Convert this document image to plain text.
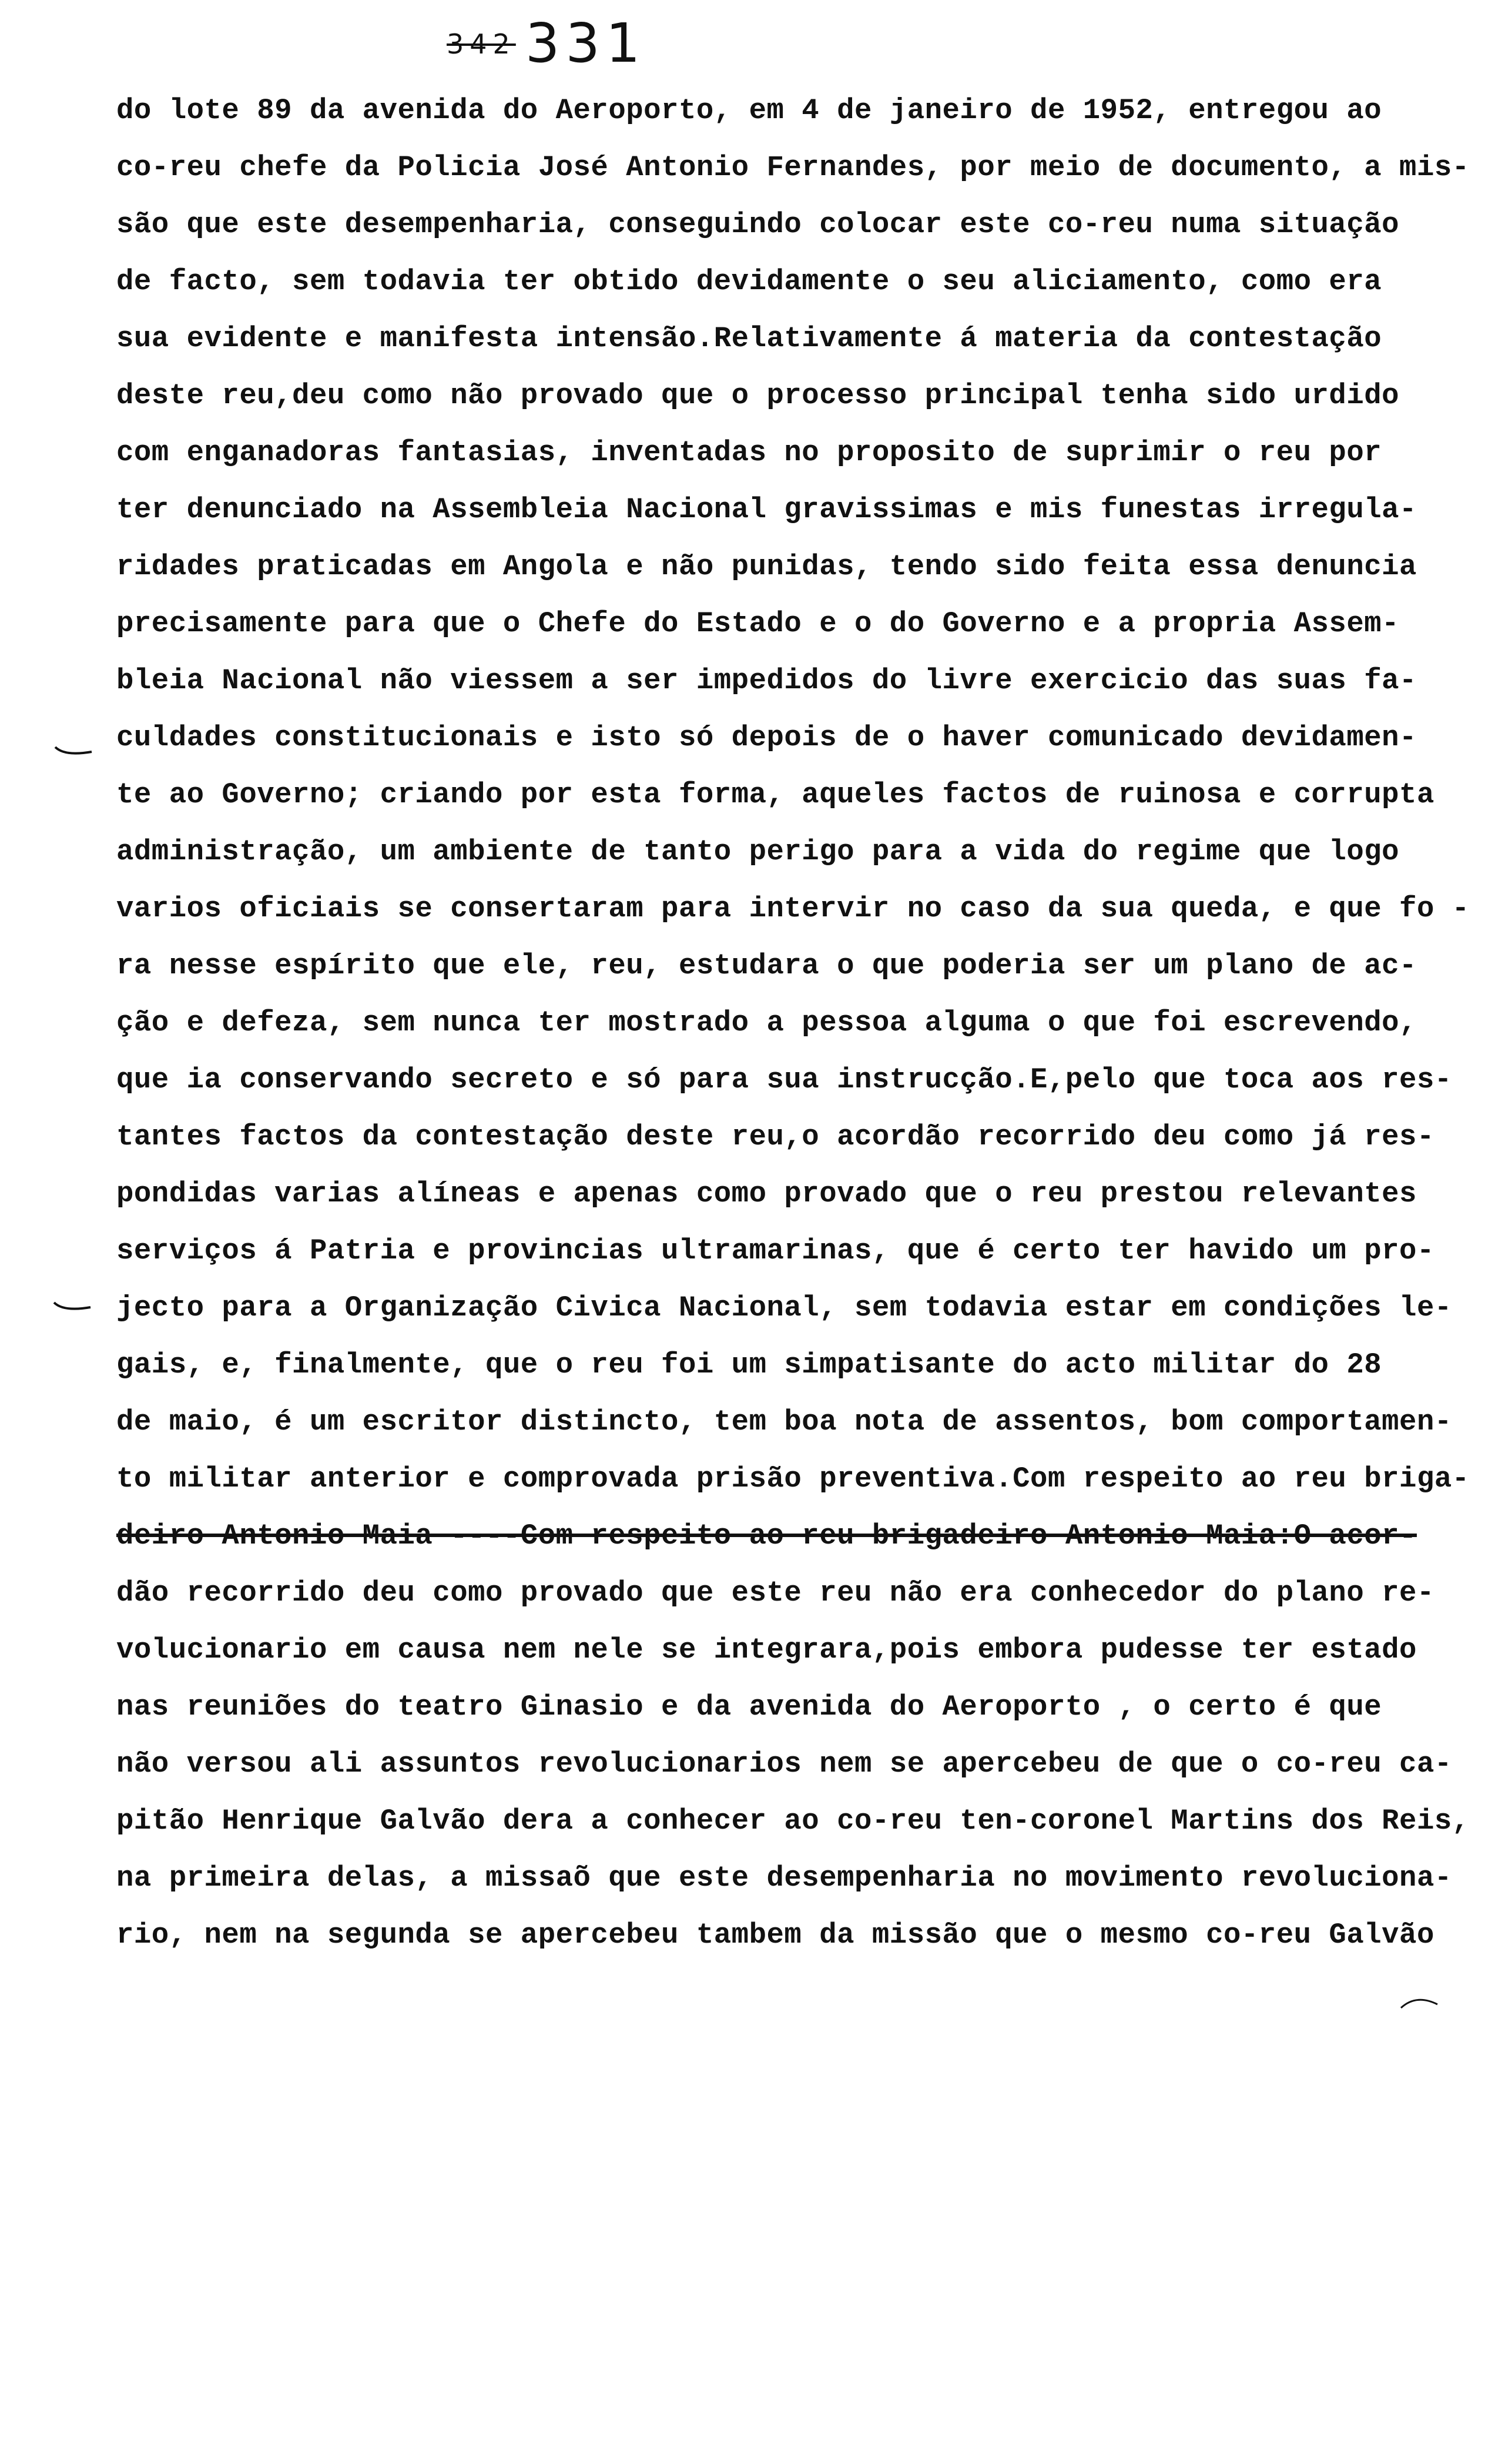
342 331
do lote 89 da avenida do Aeroporto, em 4 de janeiro de 1952, entregou ao
co-reu chefe da Policia José Antonio Fernandes, por meio de documento, a mis-
são que este desempenharia, conseguindo colocar este co-reu numa situação
de facto, sem todavia ter obtido devidamente o seu aliciamento, como era
sua evidente e manifesta intensão.Relativamente á materia da contestação
deste reu,deu como não provado que o processo principal tenha sido urdido
com enganadoras fantasias, inventadas no proposito de suprimir o reu por
ter denunciado na Assembleia Nacional gravissimas e mis funestas irregula-
ridades praticadas em Angola e não punidas, tendo sido feita essa denuncia
precisamente para que o Chefe do Estado e o do Governo e a propria Assem-
bleia Nacional não viessem a ser impedidos do livre exercicio das suas fa-
culdades constitucionais e isto só depois de o haver comunicado devidamen-
te ao Governo; criando por esta forma, aqueles factos de ruinosa e corrupta
administração, um ambiente de tanto perigo para a vida do regime que logo
varios oficiais se consertaram para intervir no caso da sua queda, e que fo -
ra nesse espírito que ele, reu, estudara o que poderia ser um plano de ac-
ção e defeza, sem nunca ter mostrado a pessoa alguma o que foi escrevendo,
que ia conservando secreto e só para sua instrucção.E,pelo que toca aos res-
tantes factos da contestação deste reu,o acordão recorrido deu como já res-
pondidas varias alíneas e apenas como provado que o reu prestou relevantes
serviços á Patria e provincias ultramarinas, que é certo ter havido um pro-
jecto para a Organização Civica Nacional, sem todavia estar em condições le-
gais, e, finalmente, que o reu foi um simpatisante do acto militar do 28
de maio, é um escritor distincto, tem boa nota de assentos, bom comportamen-
to militar anterior e comprovada prisão preventiva.Com respeito ao reu briga-
deiro Antonio Maia ----Com respeito ao reu brigadeiro Antonio Maia:O acor-
dão recorrido deu como provado que este reu não era conhecedor do plano re-
volucionario em causa nem nele se integrara,pois embora pudesse ter estado
nas reuniões do teatro Ginasio e da avenida do Aeroporto , o certo é que
não versou ali assuntos revolucionarios nem se apercebeu de que o co-reu ca-
pitão Henrique Galvão dera a conhecer ao co-reu ten-coronel Martins dos Reis,
na primeira delas, a missaõ que este desempenharia no movimento revoluciona-
rio, nem na segunda se apercebeu tambem da missão que o mesmo co-reu Galvão
